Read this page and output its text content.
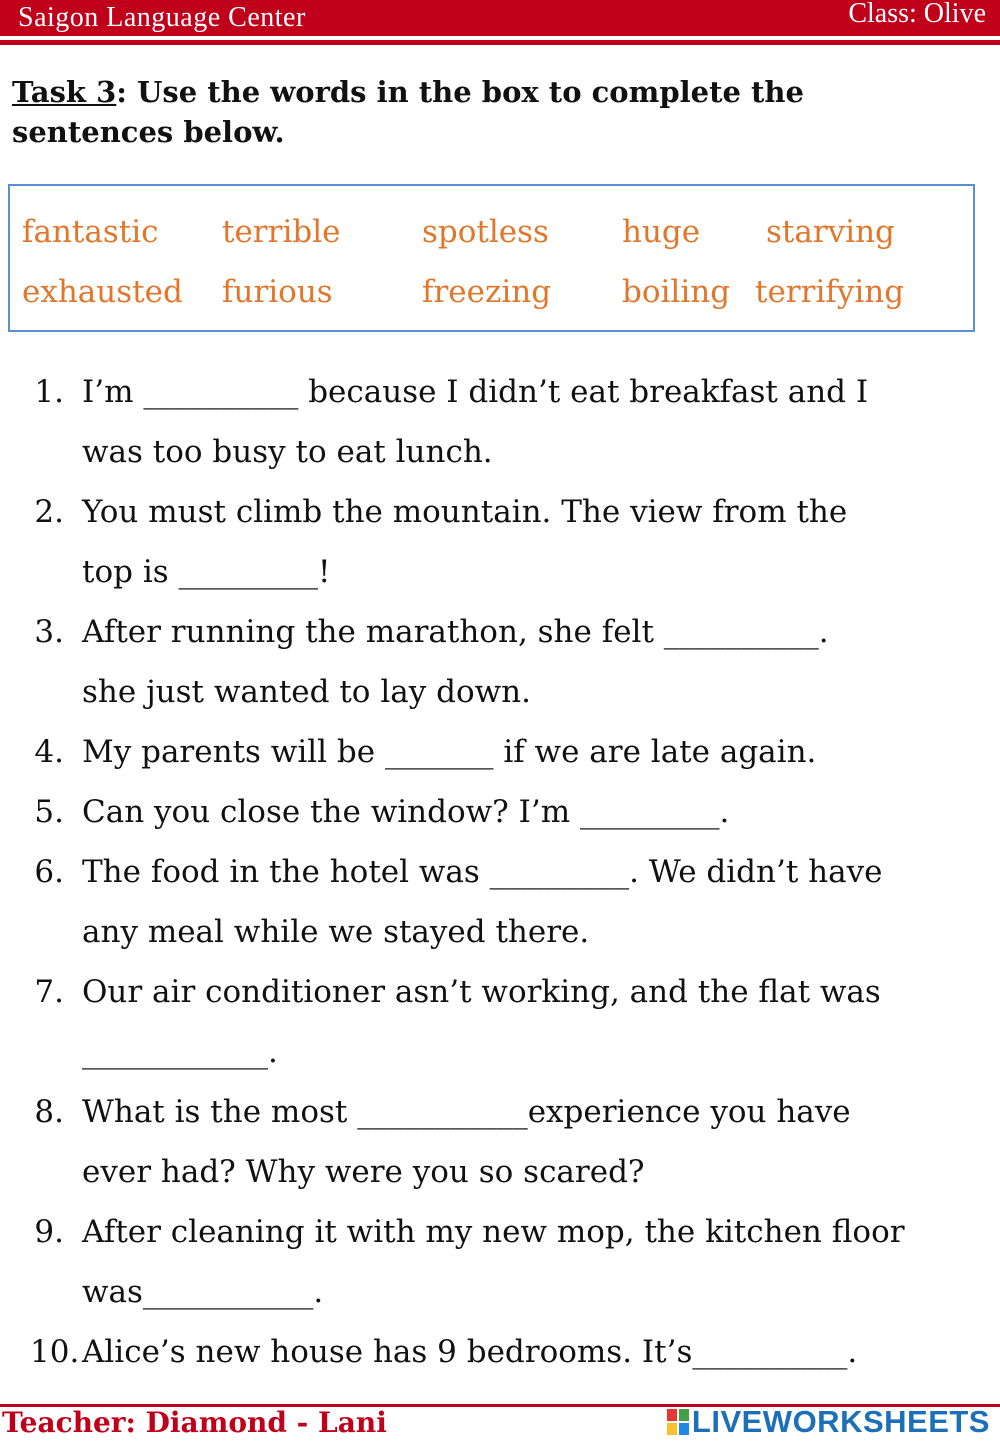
Saigon Language Center	Class: Olive
Task 3: Use the words in the box to complete the sentences below.
fantastic terrible	spotless huge starving
exhausted furious	freezing boiling terrifying
1. I’m __________ because I didn’t eat breakfast and I
was too busy to eat lunch.
2. You must climb the mountain. The view from the
top is _________!
3. After running the marathon, she felt __________.
she just wanted to lay down.
4. My parents will be _______ if we are late again.
5. Can you close the window? I’m _________.
6. The food in the hotel was _________. We didn’t have
any meal while we stayed there.
7. Our air conditioner asn’t working, and the flat was
____________.
8. What is the most ___________experience you have
ever had? Why were you so scared?
9. After cleaning it with my new mop, the kitchen floor
was___________.
10. Alice’s new house has 9 bedrooms. It’s__________.
Teacher: Diamond - Lani	LIVEWORKSHEETS
